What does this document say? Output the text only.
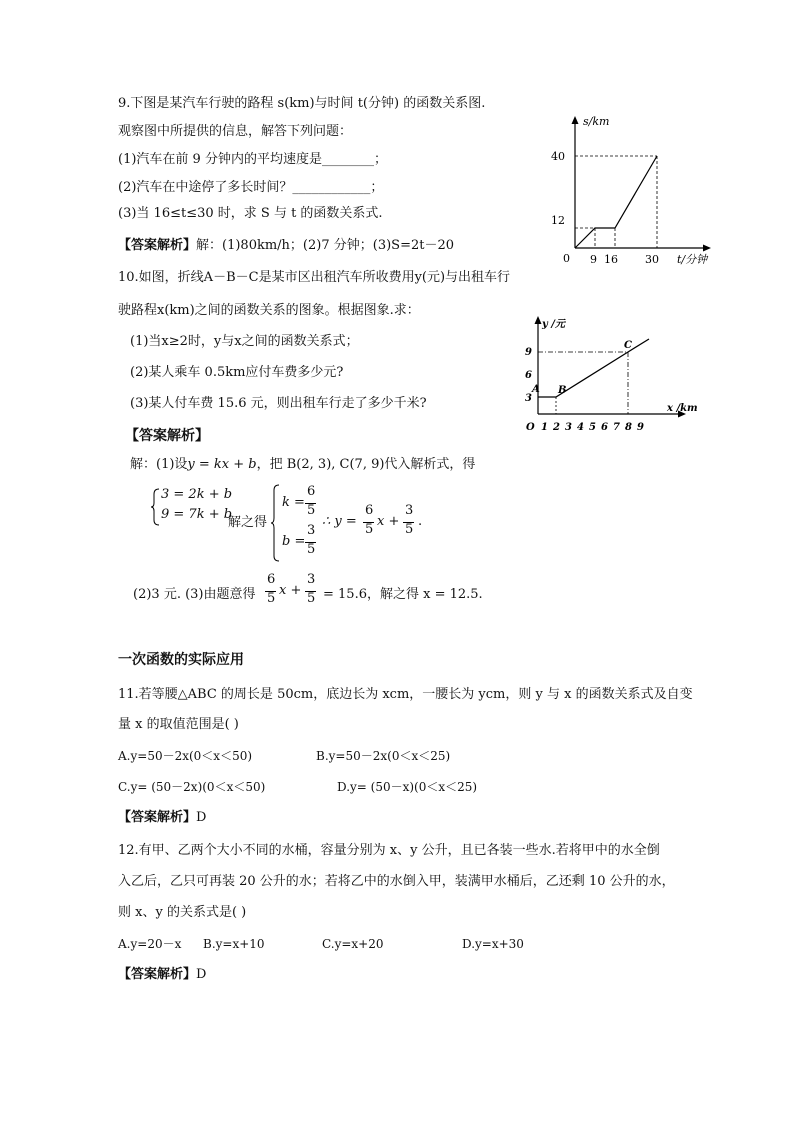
9.下图是某汽车行驶的路程 s(km)与时间 t(分钟) 的函数关系图.
观察图中所提供的信息，解答下列问题：
(1)汽车在前 9 分钟内的平均速度是________；
(2)汽车在中途停了多长时间？____________；
(3)当 16≤t≤30 时，求 S 与 t 的函数关系式.
【答案解析】解：(1)80km/h；(2)7 分钟；(3)S=2t－20
s/km
t/分钟
0
40
12
9 16 30
10.如图，折线A－B－C是某市区出租汽车所收费用y(元)与出租车行
驶路程x(km)之间的函数关系的图象。根据图象.求：
(1)当x≥2时，y与x之间的函数关系式；
(2)某人乘车 0.5km应付车费多少元?
(3)某人付车费 15.6 元，则出租车行走了多少千米?
【答案解析】
y /元
x /km
O 1 2 3 4 5 6 7 8 9
3
6
9
A B
C
解：(1)设y = kx + b，把 B(2, 3), C(7, 9)代入解析式，得
3 = 2k + b
9 = 7k + b
解之得
k =
6
5
b =
3
5
∴ y =
6
5
x +
3
5
.
(2)3 元. (3)由题意得
6
5
x +
3
5 = 15.6，解之得 x = 12.5.
一次函数的实际应用
11.若等腰△ABC 的周长是 50cm，底边长为 xcm，一腰长为 ycm，则 y 与 x 的函数关系式及自变
量 x 的取值范围是( )
A.y=50－2x(0＜x＜50)	B.y=50－2x(0＜x＜25)
C.y= (50－2x)(0＜x＜50)	D.y= (50－x)(0＜x＜25)
【答案解析】D
12.有甲、乙两个大小不同的水桶，容量分别为 x、y 公升，且已各装一些水.若将甲中的水全倒
入乙后，乙只可再装 20 公升的水；若将乙中的水倒入甲，装满甲水桶后，乙还剩 10 公升的水，
则 x、y 的关系式是( )
A.y=20－x B.y=x+10	C.y=x+20	D.y=x+30
【答案解析】D
